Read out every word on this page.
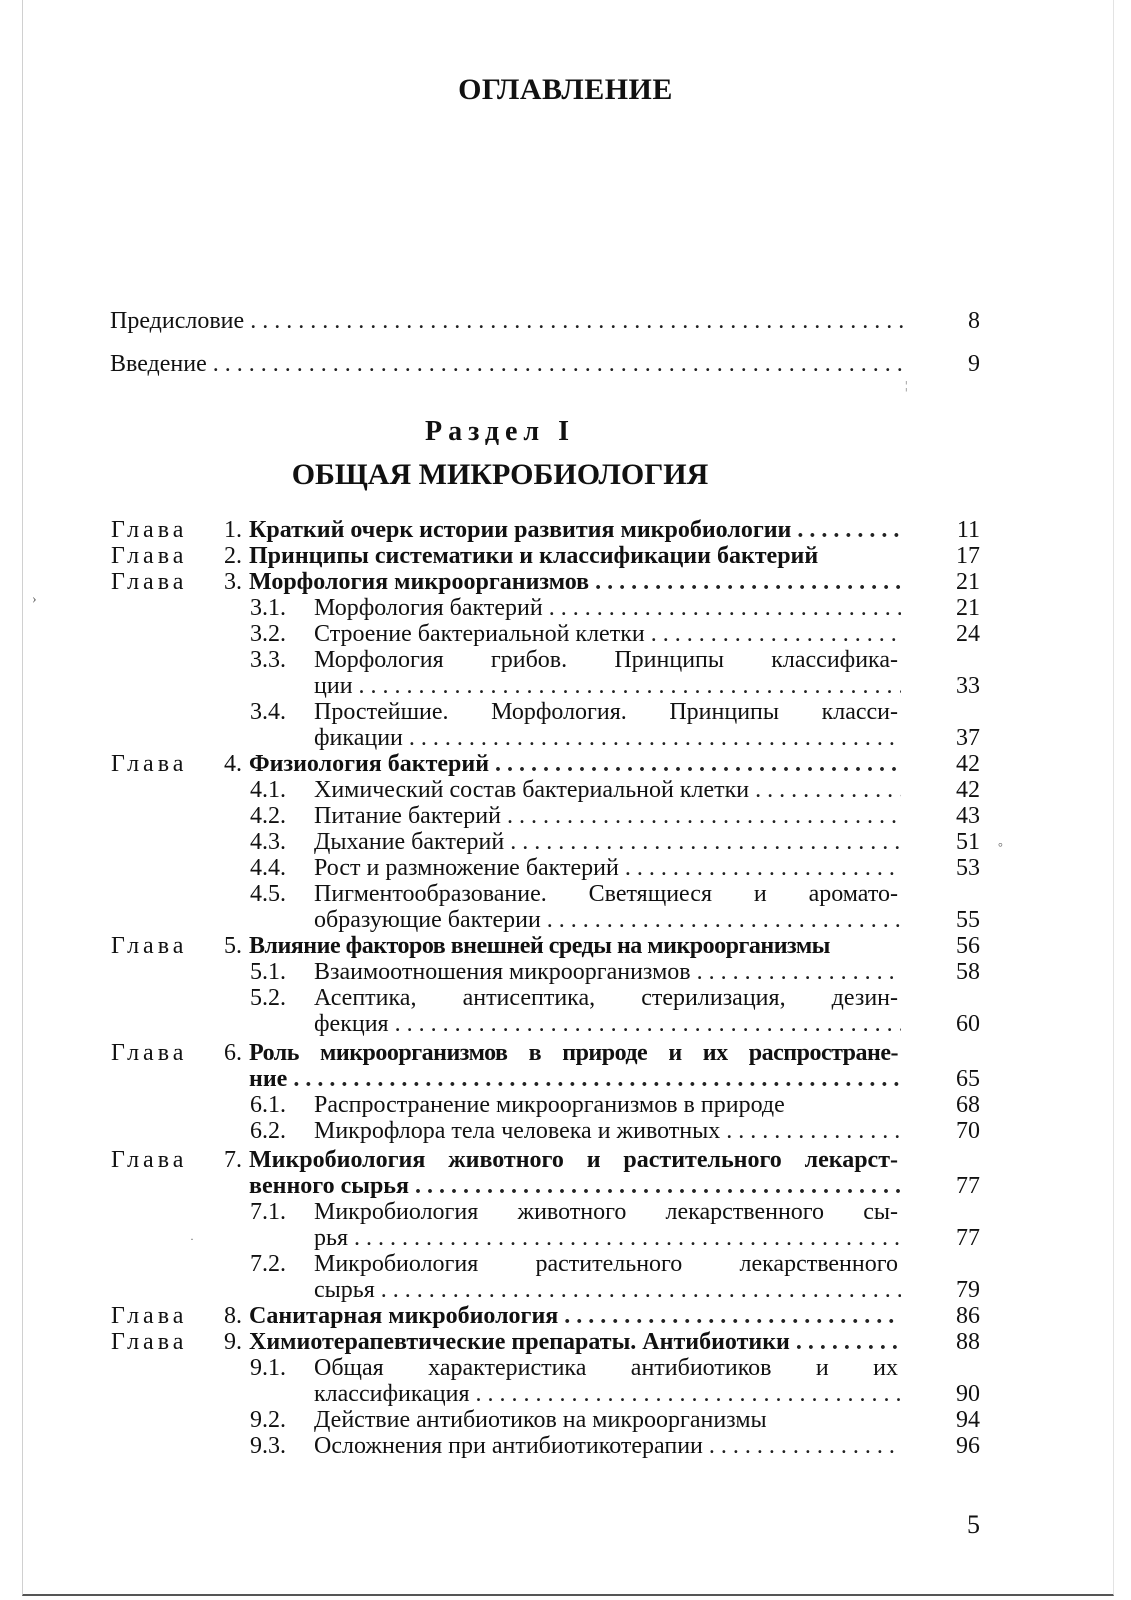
ОГЛАВЛЕНИЕ
Предисловие . . .	8
Введение . . .	9
¦
Раздел I
ОБЩАЯ МИКРОБИОЛОГИЯ
›
°
·
Глава 1. Краткий очерк истории развития микробиологии . . .	11
Глава 2. Принципы систематики и классификации бактерий	17
Глава 3. Морфология микроорганизмов . . .	21
3.1. Морфология бактерий . . .	21
3.2. Строение бактериальной клетки . . .	24
3.3. Морфология грибов. Принципы классифика-
ции . . .	33
3.4. Простейшие. Морфология. Принципы класси-
фикации . . .	37
Глава 4. Физиология бактерий . . .	42
4.1. Химический состав бактериальной клетки . . .	42
4.2. Питание бактерий . . .	43
4.3. Дыхание бактерий . . .	51
4.4. Рост и размножение бактерий . . .	53
4.5. Пигментообразование. Светящиеся и аромато-
образующие бактерии . . .	55
Глава 5. Влияние факторов внешней среды на микроорганизмы	56
5.1. Взаимоотношения микроорганизмов . . .	58
5.2. Асептика, антисептика, стерилизация, дезин-
фекция . . .	60
Глава 6. Роль микроорганизмов в природе и их распростране-
ние . . .	65
6.1. Распространение микроорганизмов в природе	68
6.2. Микрофлора тела человека и животных . . .	70
Глава 7. Микробиология животного и растительного лекарст-
венного сырья . . .	77
7.1. Микробиология животного лекарственного сы-
рья . . .	77
7.2. Микробиология растительного лекарственного
сырья . . .	79
Глава 8. Санитарная микробиология . . .	86
Глава 9. Химиотерапевтические препараты. Антибиотики . . .	88
9.1. Общая характеристика антибиотиков и их
классификация . . .	90
9.2. Действие антибиотиков на микроорганизмы	94
9.3. Осложнения при антибиотикотерапии . . .	96
5
